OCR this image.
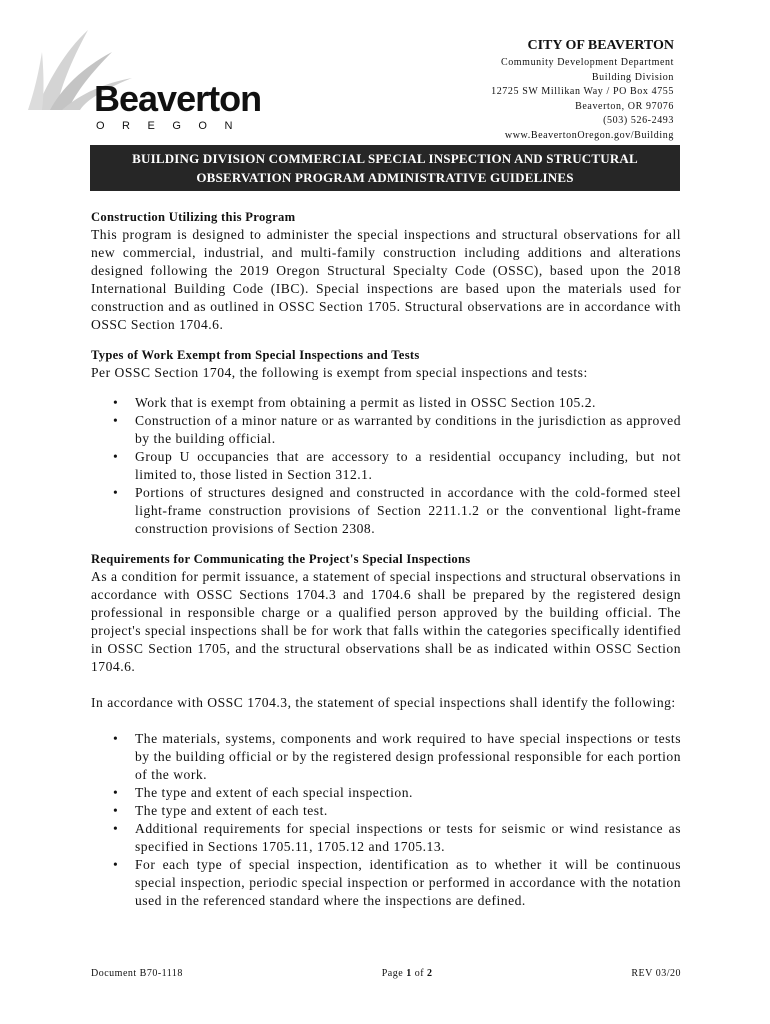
Beaverton
OREGON
CITY OF BEAVERTON
Community Development Department
Building Division
12725 SW Millikan Way / PO Box 4755
Beaverton, OR 97076
(503) 526-2493
www.BeavertonOregon.gov/Building
BUILDING DIVISION COMMERCIAL SPECIAL INSPECTION AND STRUCTURAL
OBSERVATION PROGRAM ADMINISTRATIVE GUIDELINES
Construction Utilizing this Program
This program is designed to administer the special inspections and structural observations for all new commercial, industrial, and multi-family construction including additions and alterations designed following the 2019 Oregon Structural Specialty Code (OSSC), based upon the 2018 International Building Code (IBC). Special inspections are based upon the materials used for construction and as outlined in OSSC Section 1705. Structural observations are in accordance with OSSC Section 1704.6.
Types of Work Exempt from Special Inspections and Tests
Per OSSC Section 1704, the following is exempt from special inspections and tests:
• Work that is exempt from obtaining a permit as listed in OSSC Section 105.2.
• Construction of a minor nature or as warranted by conditions in the jurisdiction as approved by the building official.
• Group U occupancies that are accessory to a residential occupancy including, but not limited to, those listed in Section 312.1.
• Portions of structures designed and constructed in accordance with the cold-formed steel light-frame construction provisions of Section 2211.1.2 or the conventional light-frame construction provisions of Section 2308.
Requirements for Communicating the Project's Special Inspections
As a condition for permit issuance, a statement of special inspections and structural observations in accordance with OSSC Sections 1704.3 and 1704.6 shall be prepared by the registered design professional in responsible charge or a qualified person approved by the building official. The project's special inspections shall be for work that falls within the categories specifically identified in OSSC Section 1705, and the structural observations shall be as indicated within OSSC Section 1704.6.
In accordance with OSSC 1704.3, the statement of special inspections shall identify the following:
• The materials, systems, components and work required to have special inspections or tests by the building official or by the registered design professional responsible for each portion of the work.
• The type and extent of each special inspection.
• The type and extent of each test.
• Additional requirements for special inspections or tests for seismic or wind resistance as specified in Sections 1705.11, 1705.12 and 1705.13.
• For each type of special inspection, identification as to whether it will be continuous special inspection, periodic special inspection or performed in accordance with the notation used in the referenced standard where the inspections are defined.
Document B70-1118	Page 1 of 2	REV 03/20
